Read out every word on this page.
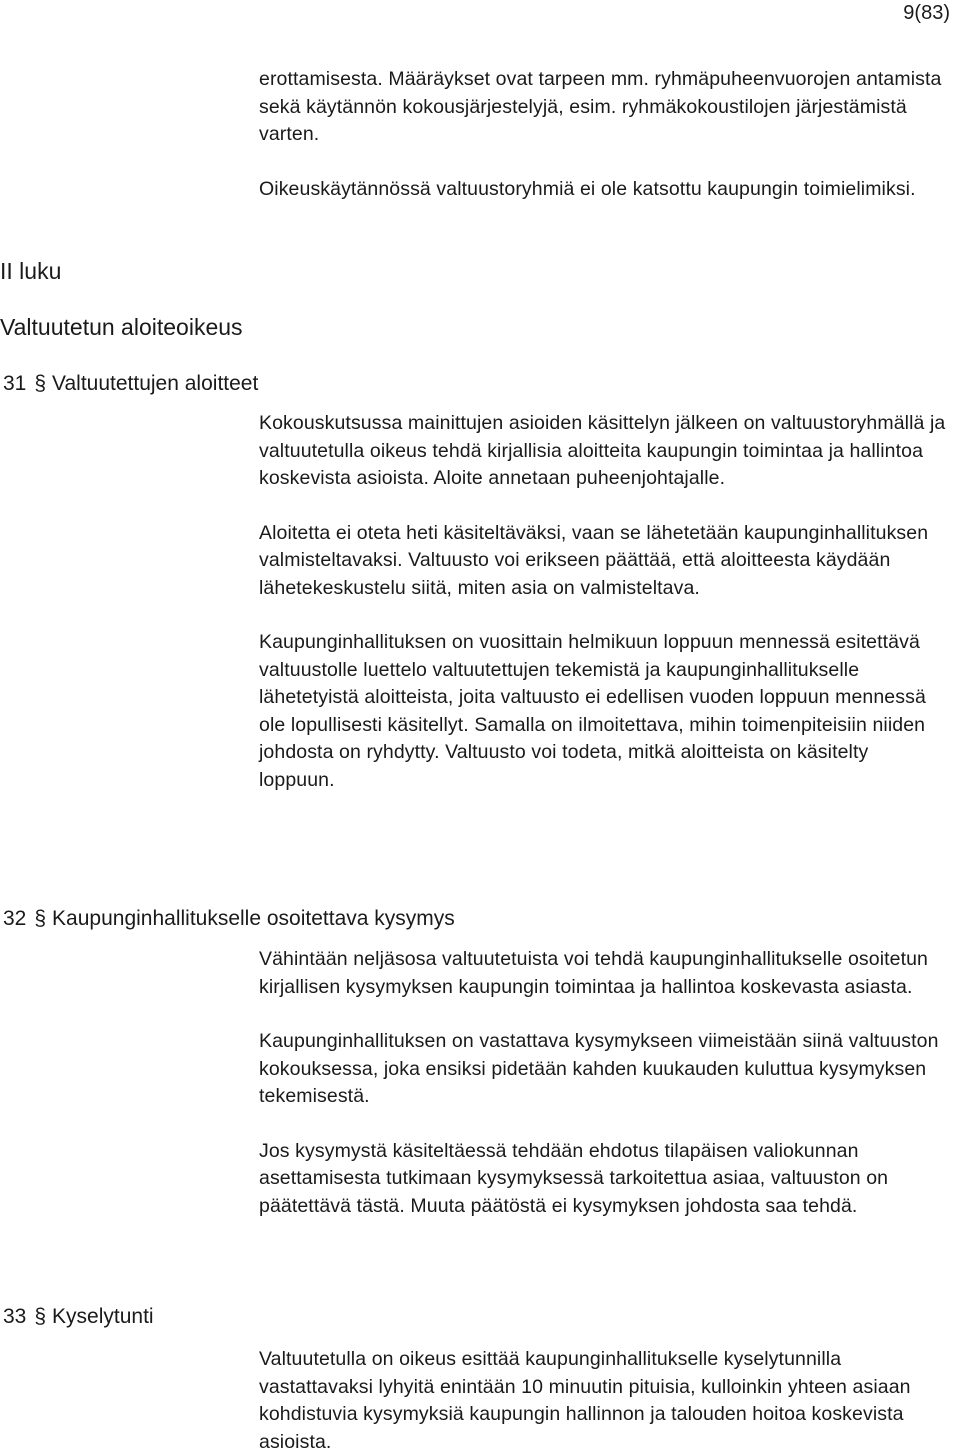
9(83)

erottamisesta. Määräykset ovat tarpeen mm. ryhmäpuheenvuorojen antamista sekä käytännön kokousjärjestelyjä, esim. ryhmäkokoustilojen järjestämistä varten.

Oikeuskäytännössä valtuustoryhmiä ei ole katsottu kaupungin toimielimiksi.

II luku
Valtuutetun aloiteoikeus
31 § Valtuutettujen aloitteet

Kokouskutsussa mainittujen asioiden käsittelyn jälkeen on valtuustoryhmällä ja valtuutetulla oikeus tehdä kirjallisia aloitteita kaupungin toimintaa ja hallintoa koskevista asioista. Aloite annetaan puheenjohtajalle.

Aloitetta ei oteta heti käsiteltäväksi, vaan se lähetetään kaupunginhallituksen valmisteltavaksi. Valtuusto voi erikseen päättää, että aloitteesta käydään lähetekeskustelu siitä, miten asia on valmisteltava.

Kaupunginhallituksen on vuosittain helmikuun loppuun mennessä esitettävä valtuustolle luettelo valtuutettujen tekemistä ja kaupunginhallitukselle lähetetyistä aloitteista, joita valtuusto ei edellisen vuoden loppuun mennessä ole lopullisesti käsitellyt. Samalla on ilmoitettava, mihin toimenpiteisiin niiden johdosta on ryhdytty. Valtuusto voi todeta, mitkä aloitteista on käsitelty loppuun.

32 § Kaupunginhallitukselle osoitettava kysymys

Vähintään neljäsosa valtuutetuista voi tehdä kaupunginhallitukselle osoitetun kirjallisen kysymyksen kaupungin toimintaa ja hallintoa koskevasta asiasta.

Kaupunginhallituksen on vastattava kysymykseen viimeistään siinä valtuuston kokouksessa, joka ensiksi pidetään kahden kuukauden kuluttua kysymyksen tekemisestä.

Jos kysymystä käsiteltäessä tehdään ehdotus tilapäisen valiokunnan asettamisesta tutkimaan kysymyksessä tarkoitettua asiaa, valtuuston on päätettävä tästä. Muuta päätöstä ei kysymyksen johdosta saa tehdä.

33 § Kyselytunti

Valtuutetulla on oikeus esittää kaupunginhallitukselle kyselytunnilla vastattavaksi lyhyitä enintään 10 minuutin pituisia, kulloinkin yhteen asiaan kohdistuvia kysymyksiä kaupungin hallinnon ja talouden hoitoa koskevista asioista.
